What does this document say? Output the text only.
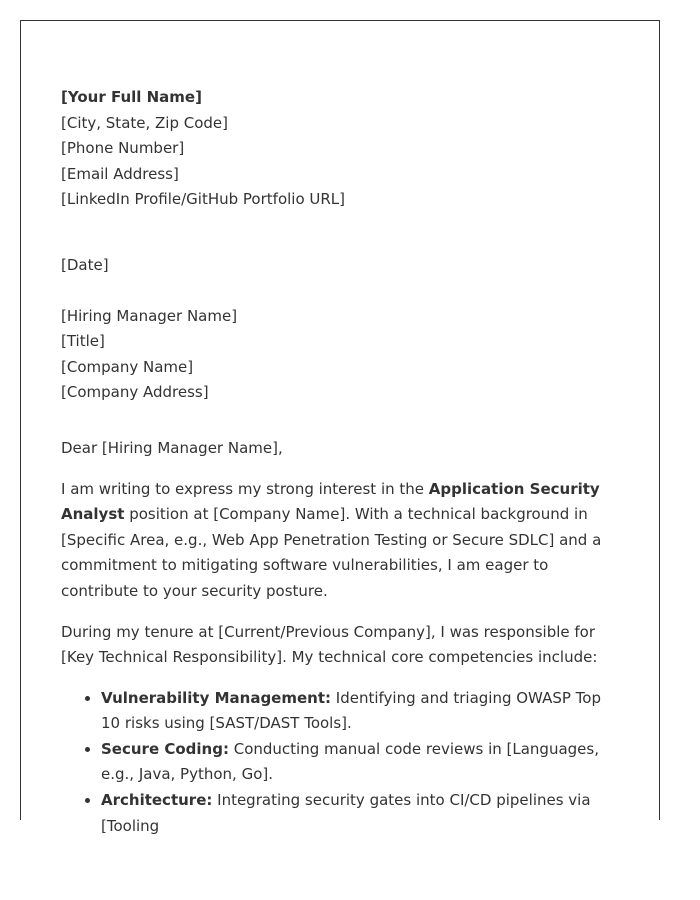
[Your Full Name]
[City, State, Zip Code]
[Phone Number]
[Email Address]
[LinkedIn Profile/GitHub Portfolio URL]
[Date]
[Hiring Manager Name]
[Title]
[Company Name]
[Company Address]
Dear [Hiring Manager Name],

I am writing to express my strong interest in the Application Security Analyst position at [Company Name]. With a technical background in [Specific Area, e.g., Web App Penetration Testing or Secure SDLC] and a commitment to mitigating software vulnerabilities, I am eager to contribute to your security posture.

During my tenure at [Current/Previous Company], I was responsible for [Key Technical Responsibility]. My technical core competencies include:

• Vulnerability Management: Identifying and triaging OWASP Top 10 risks using [SAST/DAST Tools].
• Secure Coding: Conducting manual code reviews in [Languages, e.g., Java, Python, Go].
• Architecture: Integrating security gates into CI/CD pipelines via [Tooling
